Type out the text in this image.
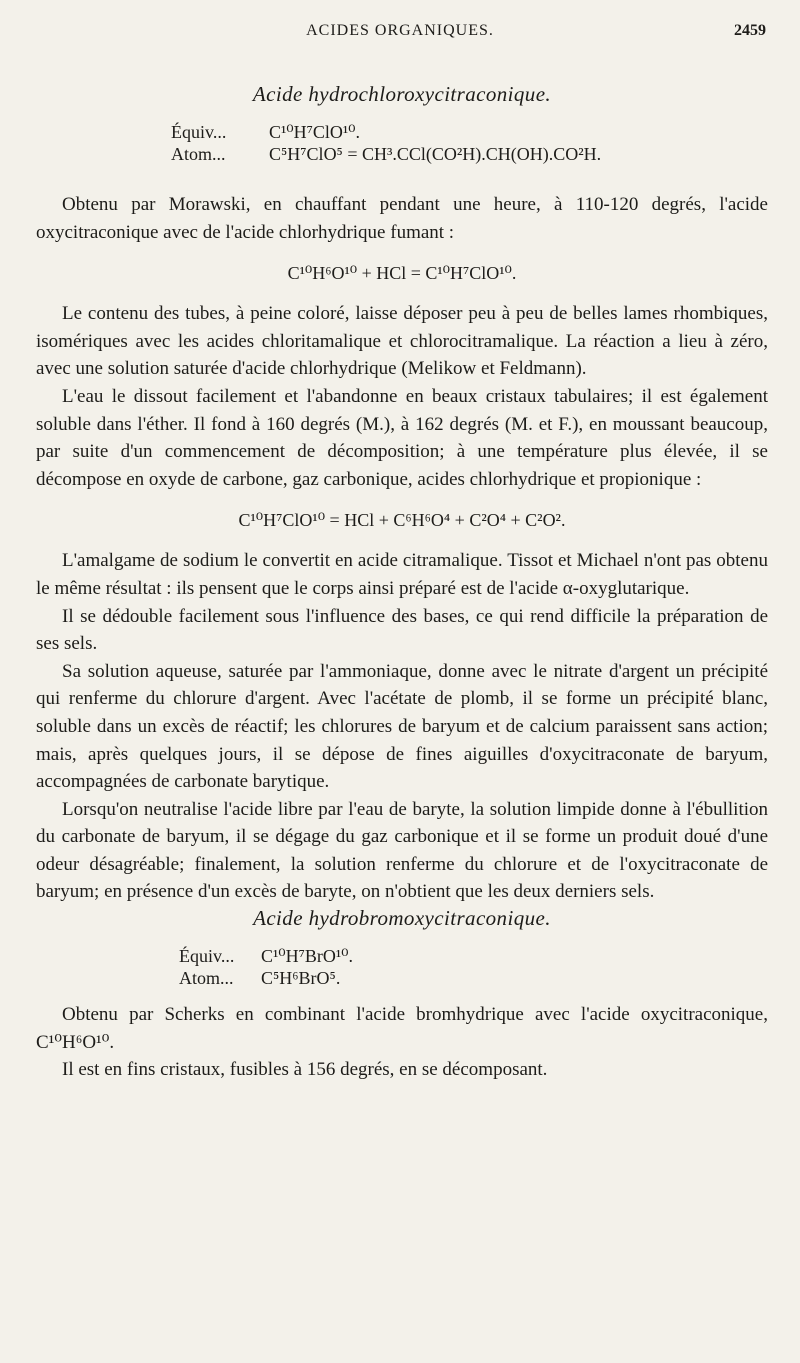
ACIDES ORGANIQUES.	2459
Acide hydrochloroxycitraconique.
Équiv... C¹⁰H⁷ClO¹⁰.
Atom... C⁵H⁷ClO⁵ = CH³.CCl(CO²H).CH(OH).CO²H.

Obtenu par Morawski, en chauffant pendant une heure, à 110-120 degrés, l'acide oxycitraconique avec de l'acide chlorhydrique fumant :

C¹⁰H⁶O¹⁰ + HCl = C¹⁰H⁷ClO¹⁰.

Le contenu des tubes, à peine coloré, laisse déposer peu à peu de belles lames rhombiques, isomériques avec les acides chloritamalique et chlorocitramalique. La réaction a lieu à zéro, avec une solution saturée d'acide chlorhydrique (Melikow et Feldmann).

L'eau le dissout facilement et l'abandonne en beaux cristaux tabulaires; il est également soluble dans l'éther. Il fond à 160 degrés (M.), à 162 degrés (M. et F.), en moussant beaucoup, par suite d'un commencement de décomposition; à une température plus élevée, il se décompose en oxyde de carbone, gaz carbonique, acides chlorhydrique et propionique :

C¹⁰H⁷ClO¹⁰ = HCl + C⁶H⁶O⁴ + C²O⁴ + C²O².

L'amalgame de sodium le convertit en acide citramalique. Tissot et Michael n'ont pas obtenu le même résultat : ils pensent que le corps ainsi préparé est de l'acide α-oxyglutarique.

Il se dédouble facilement sous l'influence des bases, ce qui rend difficile la préparation de ses sels.

Sa solution aqueuse, saturée par l'ammoniaque, donne avec le nitrate d'argent un précipité qui renferme du chlorure d'argent. Avec l'acétate de plomb, il se forme un précipité blanc, soluble dans un excès de réactif; les chlorures de baryum et de calcium paraissent sans action; mais, après quelques jours, il se dépose de fines aiguilles d'oxycitraconate de baryum, accompagnées de carbonate barytique.

Lorsqu'on neutralise l'acide libre par l'eau de baryte, la solution limpide donne à l'ébullition du carbonate de baryum, il se dégage du gaz carbonique et il se forme un produit doué d'une odeur désagréable; finalement, la solution renferme du chlorure et de l'oxycitraconate de baryum; en présence d'un excès de baryte, on n'obtient que les deux derniers sels.

Acide hydrobromoxycitraconique.
Équiv... C¹⁰H⁷BrO¹⁰.
Atom... C⁵H⁶BrO⁵.

Obtenu par Scherks en combinant l'acide bromhydrique avec l'acide oxycitraconique, C¹⁰H⁶O¹⁰.

Il est en fins cristaux, fusibles à 156 degrés, en se décomposant.
